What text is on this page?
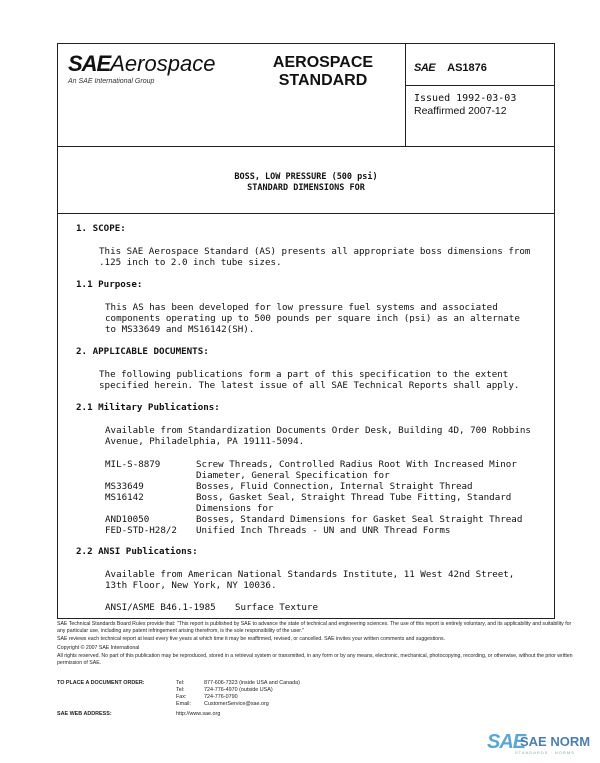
SAEAerospace
An SAE International Group
AEROSPACE
STANDARD
SAE AS1876
Issued 1992-03-03
Reaffirmed 2007-12
BOSS, LOW PRESSURE (500 psi)
STANDARD DIMENSIONS FOR
1. SCOPE:
This SAE Aerospace Standard (AS) presents all appropriate boss dimensions from
.125 inch to 2.0 inch tube sizes.
1.1 Purpose:
This AS has been developed for low pressure fuel systems and associated
components operating up to 500 pounds per square inch (psi) as an alternate
to MS33649 and MS16142(SH).
2. APPLICABLE DOCUMENTS:
The following publications form a part of this specification to the extent
specified herein. The latest issue of all SAE Technical Reports shall apply.
2.1 Military Publications:
Available from Standardization Documents Order Desk, Building 4D, 700 Robbins
Avenue, Philadelphia, PA 19111-5094.
MIL-S-8879	Screw Threads, Controlled Radius Root With Increased Minor
Diameter, General Specification for
MS33649	Bosses, Fluid Connection, Internal Straight Thread
MS16142	Boss, Gasket Seal, Straight Thread Tube Fitting, Standard
Dimensions for
AND10050	Bosses, Standard Dimensions for Gasket Seal Straight Thread
FED-STD-H28/2 Unified Inch Threads - UN and UNR Thread Forms
2.2 ANSI Publications:
Available from American National Standards Institute, 11 West 42nd Street,
13th Floor, New York, NY 10036.
ANSI/ASME B46.1-1985 Surface Texture

SAE Technical Standards Board Rules provide that: "This report is published by SAE to advance the state of technical and engineering sciences. The use of this report is entirely voluntary, and its applicability and suitability for any particular use, including any patent infringement arising therefrom, is the sole responsibility of the user."

SAE reviews each technical report at least every five years at which time it may be reaffirmed, revised, or cancelled. SAE invites your written comments and suggestions.

Copyright © 2007 SAE International

All rights reserved. No part of this publication may be reproduced, stored in a retrieval system or transmitted, in any form or by any means, electronic, mechanical, photocopying, recording, or otherwise, without the prior written permission of SAE.

TO PLACE A DOCUMENT ORDER:	Tel:	877-606-7323 (inside USA and Canada)
Tel:	724-776-4970 (outside USA)
Fax:	724-776-0790
Email: CustomerService@sae.org
SAE WEB ADDRESS:	http://www.sae.org
SAE
SAE NORM
STANDARDS · NORMS
